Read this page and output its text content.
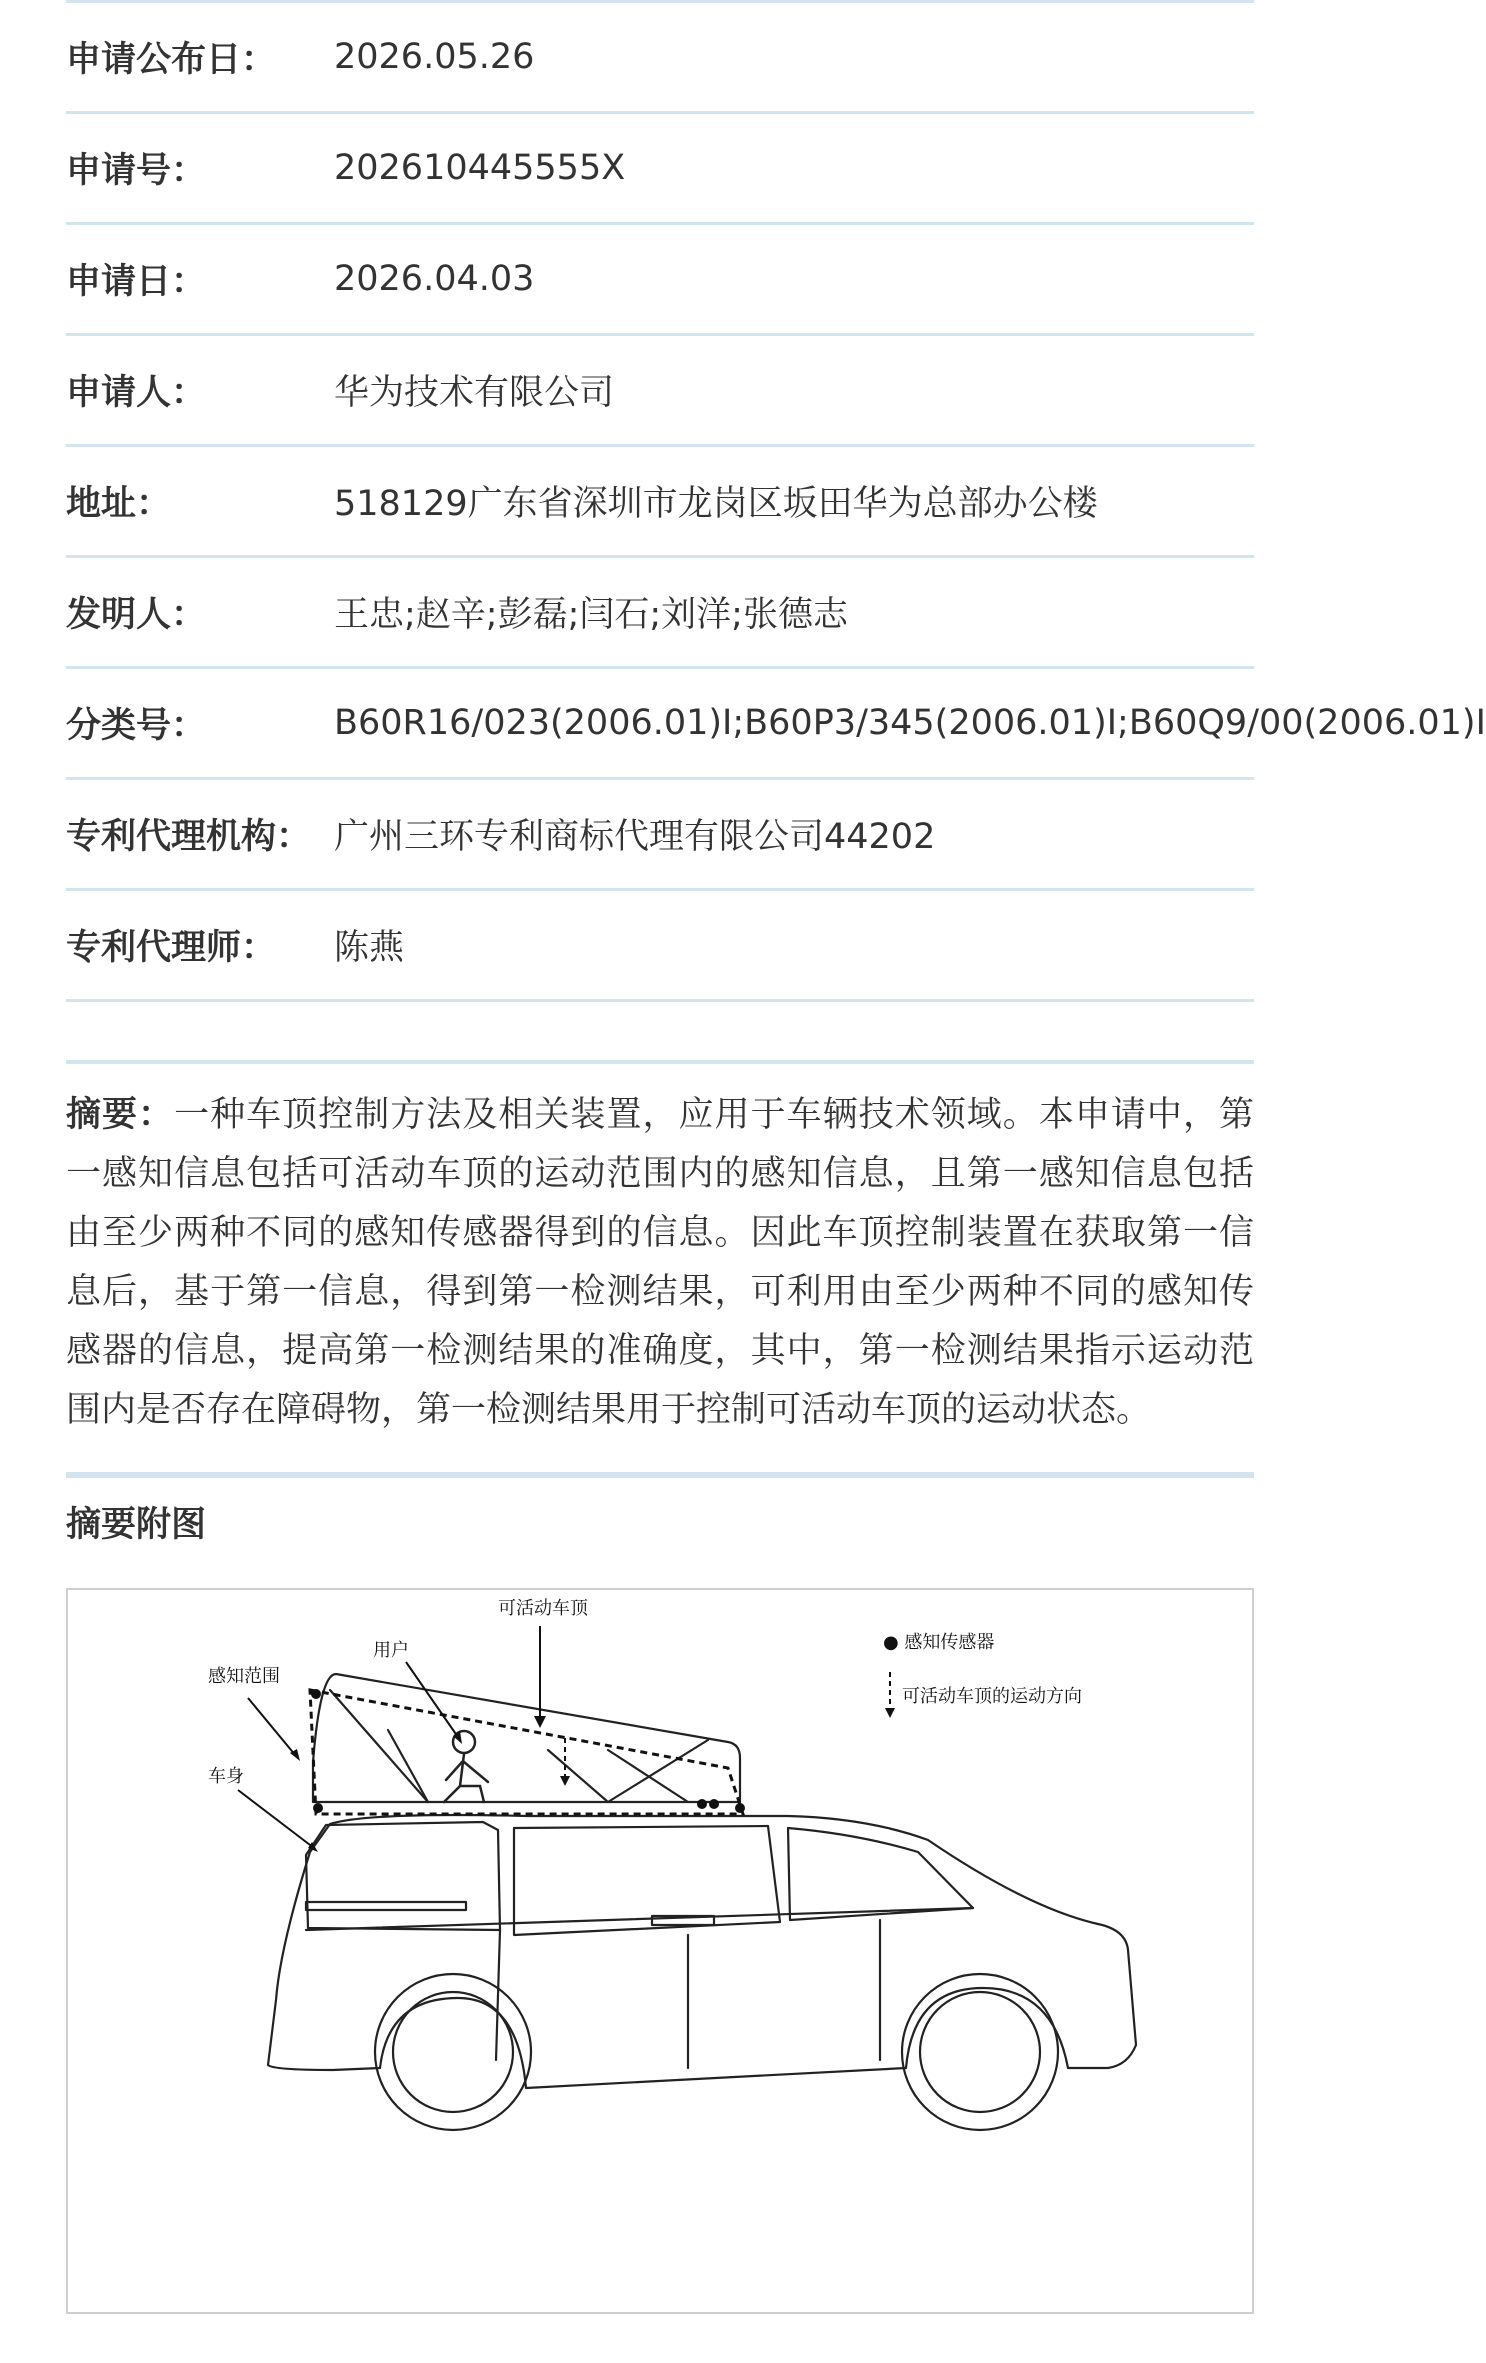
申请公布日：	2026.05.26
申请号：	202610445555X
申请日：	2026.04.03
申请人：	华为技术有限公司
地址：	518129广东省深圳市龙岗区坂田华为总部办公楼
发明人：	王忠;赵辛;彭磊;闫石;刘洋;张德志
分类号：	B60R16/023(2006.01)I;B60P3/345(2006.01)I;B60Q9/00(2006.01)I
专利代理机构： 广州三环专利商标代理有限公司44202
专利代理师：	陈燕
摘要：一种车顶控制方法及相关装置，应用于车辆技术领域。本申请中，第一感知信息包括可活动车顶的运动范围内的感知信息，且第一感知信息包括由至少两种不同的感知传感器得到的信息。因此车顶控制装置在获取第一信息后，基于第一信息，得到第一检测结果，可利用由至少两种不同的感知传感器的信息，提高第一检测结果的准确度，其中，第一检测结果指示运动范围内是否存在障碍物，第一检测结果用于控制可活动车顶的运动状态。
摘要附图
可活动车顶
用户
感知范围
车身
● 感知传感器
可活动车顶的运动方向
